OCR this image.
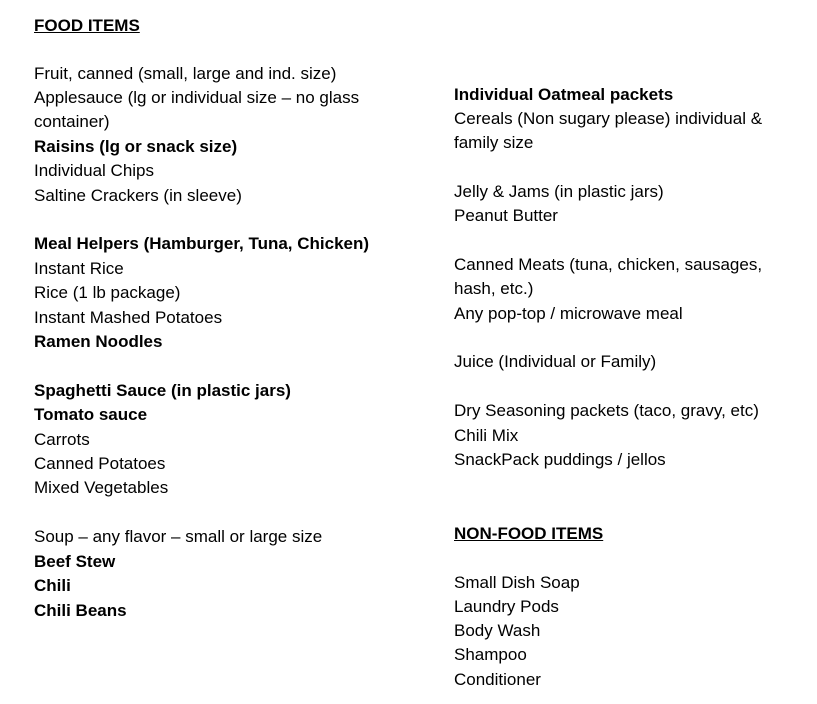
FOOD ITEMS
Fruit, canned (small, large and ind. size)
Applesauce (lg or individual size – no glass
container)
Raisins (lg or snack size)
Individual Chips
Saltine Crackers (in sleeve)
Meal Helpers (Hamburger, Tuna, Chicken)
Instant Rice
Rice (1 lb package)
Instant Mashed Potatoes
Ramen Noodles
Spaghetti Sauce (in plastic jars)
Tomato sauce
Carrots
Canned Potatoes
Mixed Vegetables
Soup – any flavor – small or large size
Beef Stew
Chili
Chili Beans
NON-FOOD ITEMS
Individual Oatmeal packets
Cereals (Non sugary please) individual &
family size
Jelly & Jams (in plastic jars)
Peanut Butter
Canned Meats (tuna, chicken, sausages,
hash, etc.)
Any pop-top / microwave meal
Juice (Individual or Family)
Dry Seasoning packets (taco, gravy, etc)
Chili Mix
SnackPack puddings / jellos
Small Dish Soap
Laundry Pods
Body Wash
Shampoo
Conditioner
